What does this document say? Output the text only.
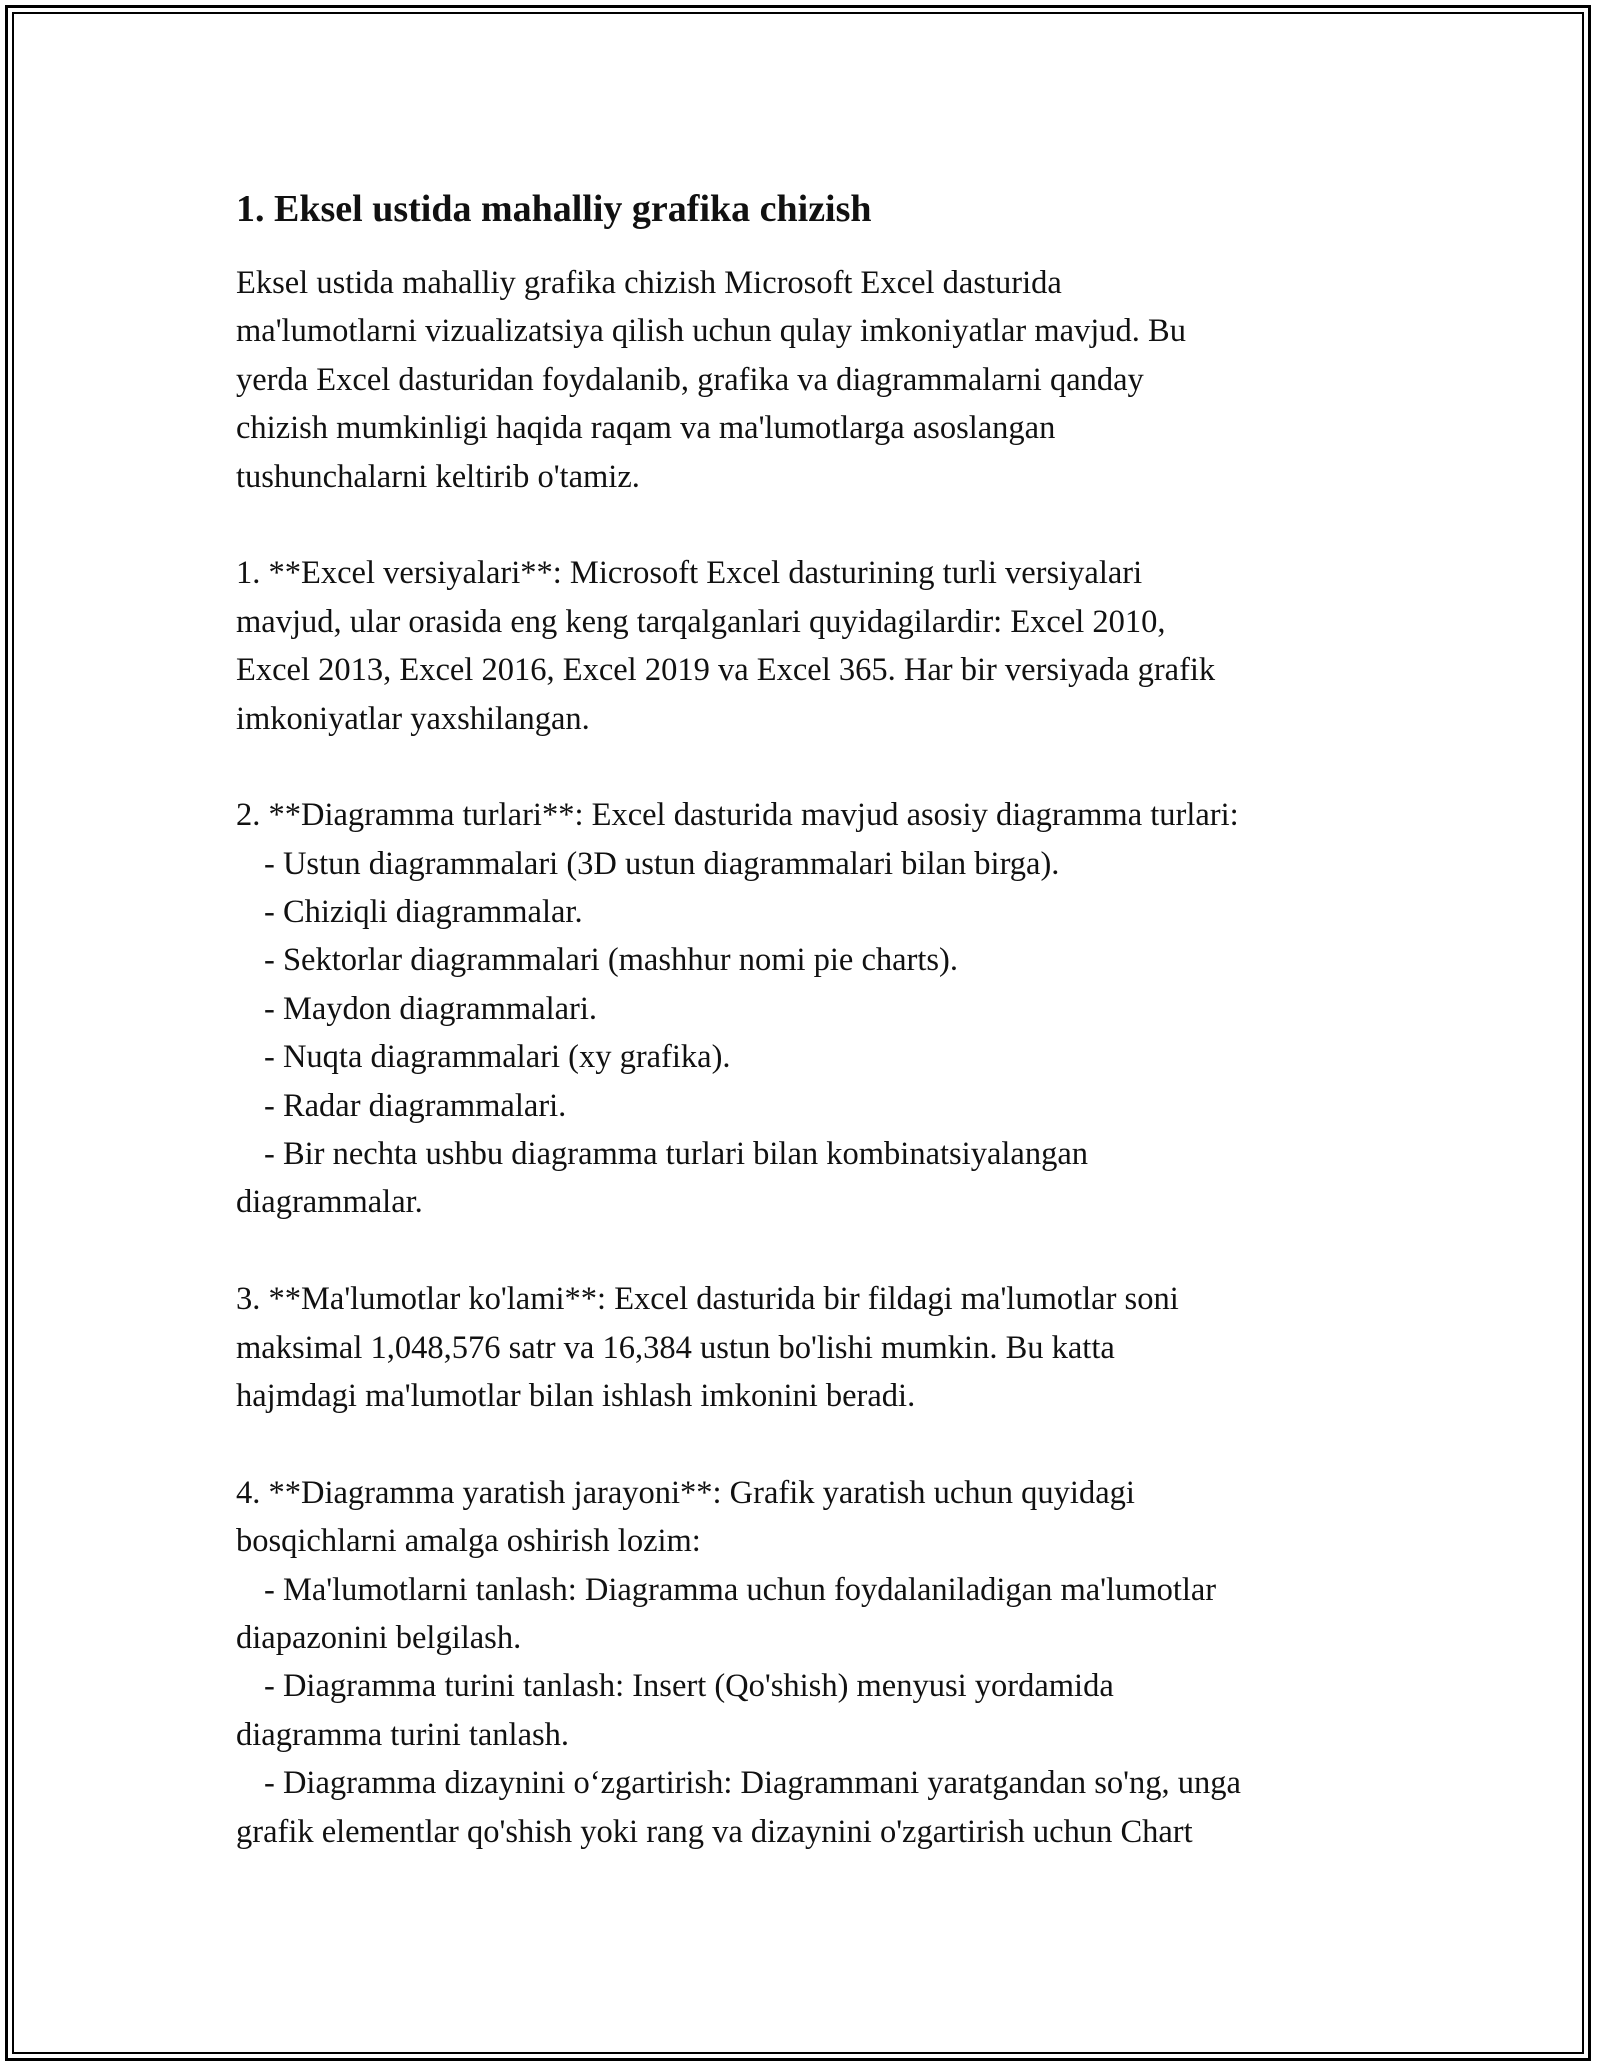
1. Eksel ustida mahalliy grafika chizish
Eksel ustida mahalliy grafika chizish Microsoft Excel dasturida
ma'lumotlarni vizualizatsiya qilish uchun qulay imkoniyatlar mavjud. Bu
yerda Excel dasturidan foydalanib, grafika va diagrammalarni qanday
chizish mumkinligi haqida raqam va ma'lumotlarga asoslangan
tushunchalarni keltirib o'tamiz.
1. **Excel versiyalari**: Microsoft Excel dasturining turli versiyalari
mavjud, ular orasida eng keng tarqalganlari quyidagilardir: Excel 2010,
Excel 2013, Excel 2016, Excel 2019 va Excel 365. Har bir versiyada grafik
imkoniyatlar yaxshilangan.
2. **Diagramma turlari**: Excel dasturida mavjud asosiy diagramma turlari:
- Ustun diagrammalari (3D ustun diagrammalari bilan birga).
- Chiziqli diagrammalar.
- Sektorlar diagrammalari (mashhur nomi pie charts).
- Maydon diagrammalari.
- Nuqta diagrammalari (xy grafika).
- Radar diagrammalari.
- Bir nechta ushbu diagramma turlari bilan kombinatsiyalangan
diagrammalar.
3. **Ma'lumotlar ko'lami**: Excel dasturida bir fildagi ma'lumotlar soni
maksimal 1,048,576 satr va 16,384 ustun bo'lishi mumkin. Bu katta
hajmdagi ma'lumotlar bilan ishlash imkonini beradi.
4. **Diagramma yaratish jarayoni**: Grafik yaratish uchun quyidagi
bosqichlarni amalga oshirish lozim:
- Ma'lumotlarni tanlash: Diagramma uchun foydalaniladigan ma'lumotlar
diapazonini belgilash.
- Diagramma turini tanlash: Insert (Qo'shish) menyusi yordamida
diagramma turini tanlash.
- Diagramma dizaynini o‘zgartirish: Diagrammani yaratgandan so'ng, unga
grafik elementlar qo'shish yoki rang va dizaynini o'zgartirish uchun Chart
